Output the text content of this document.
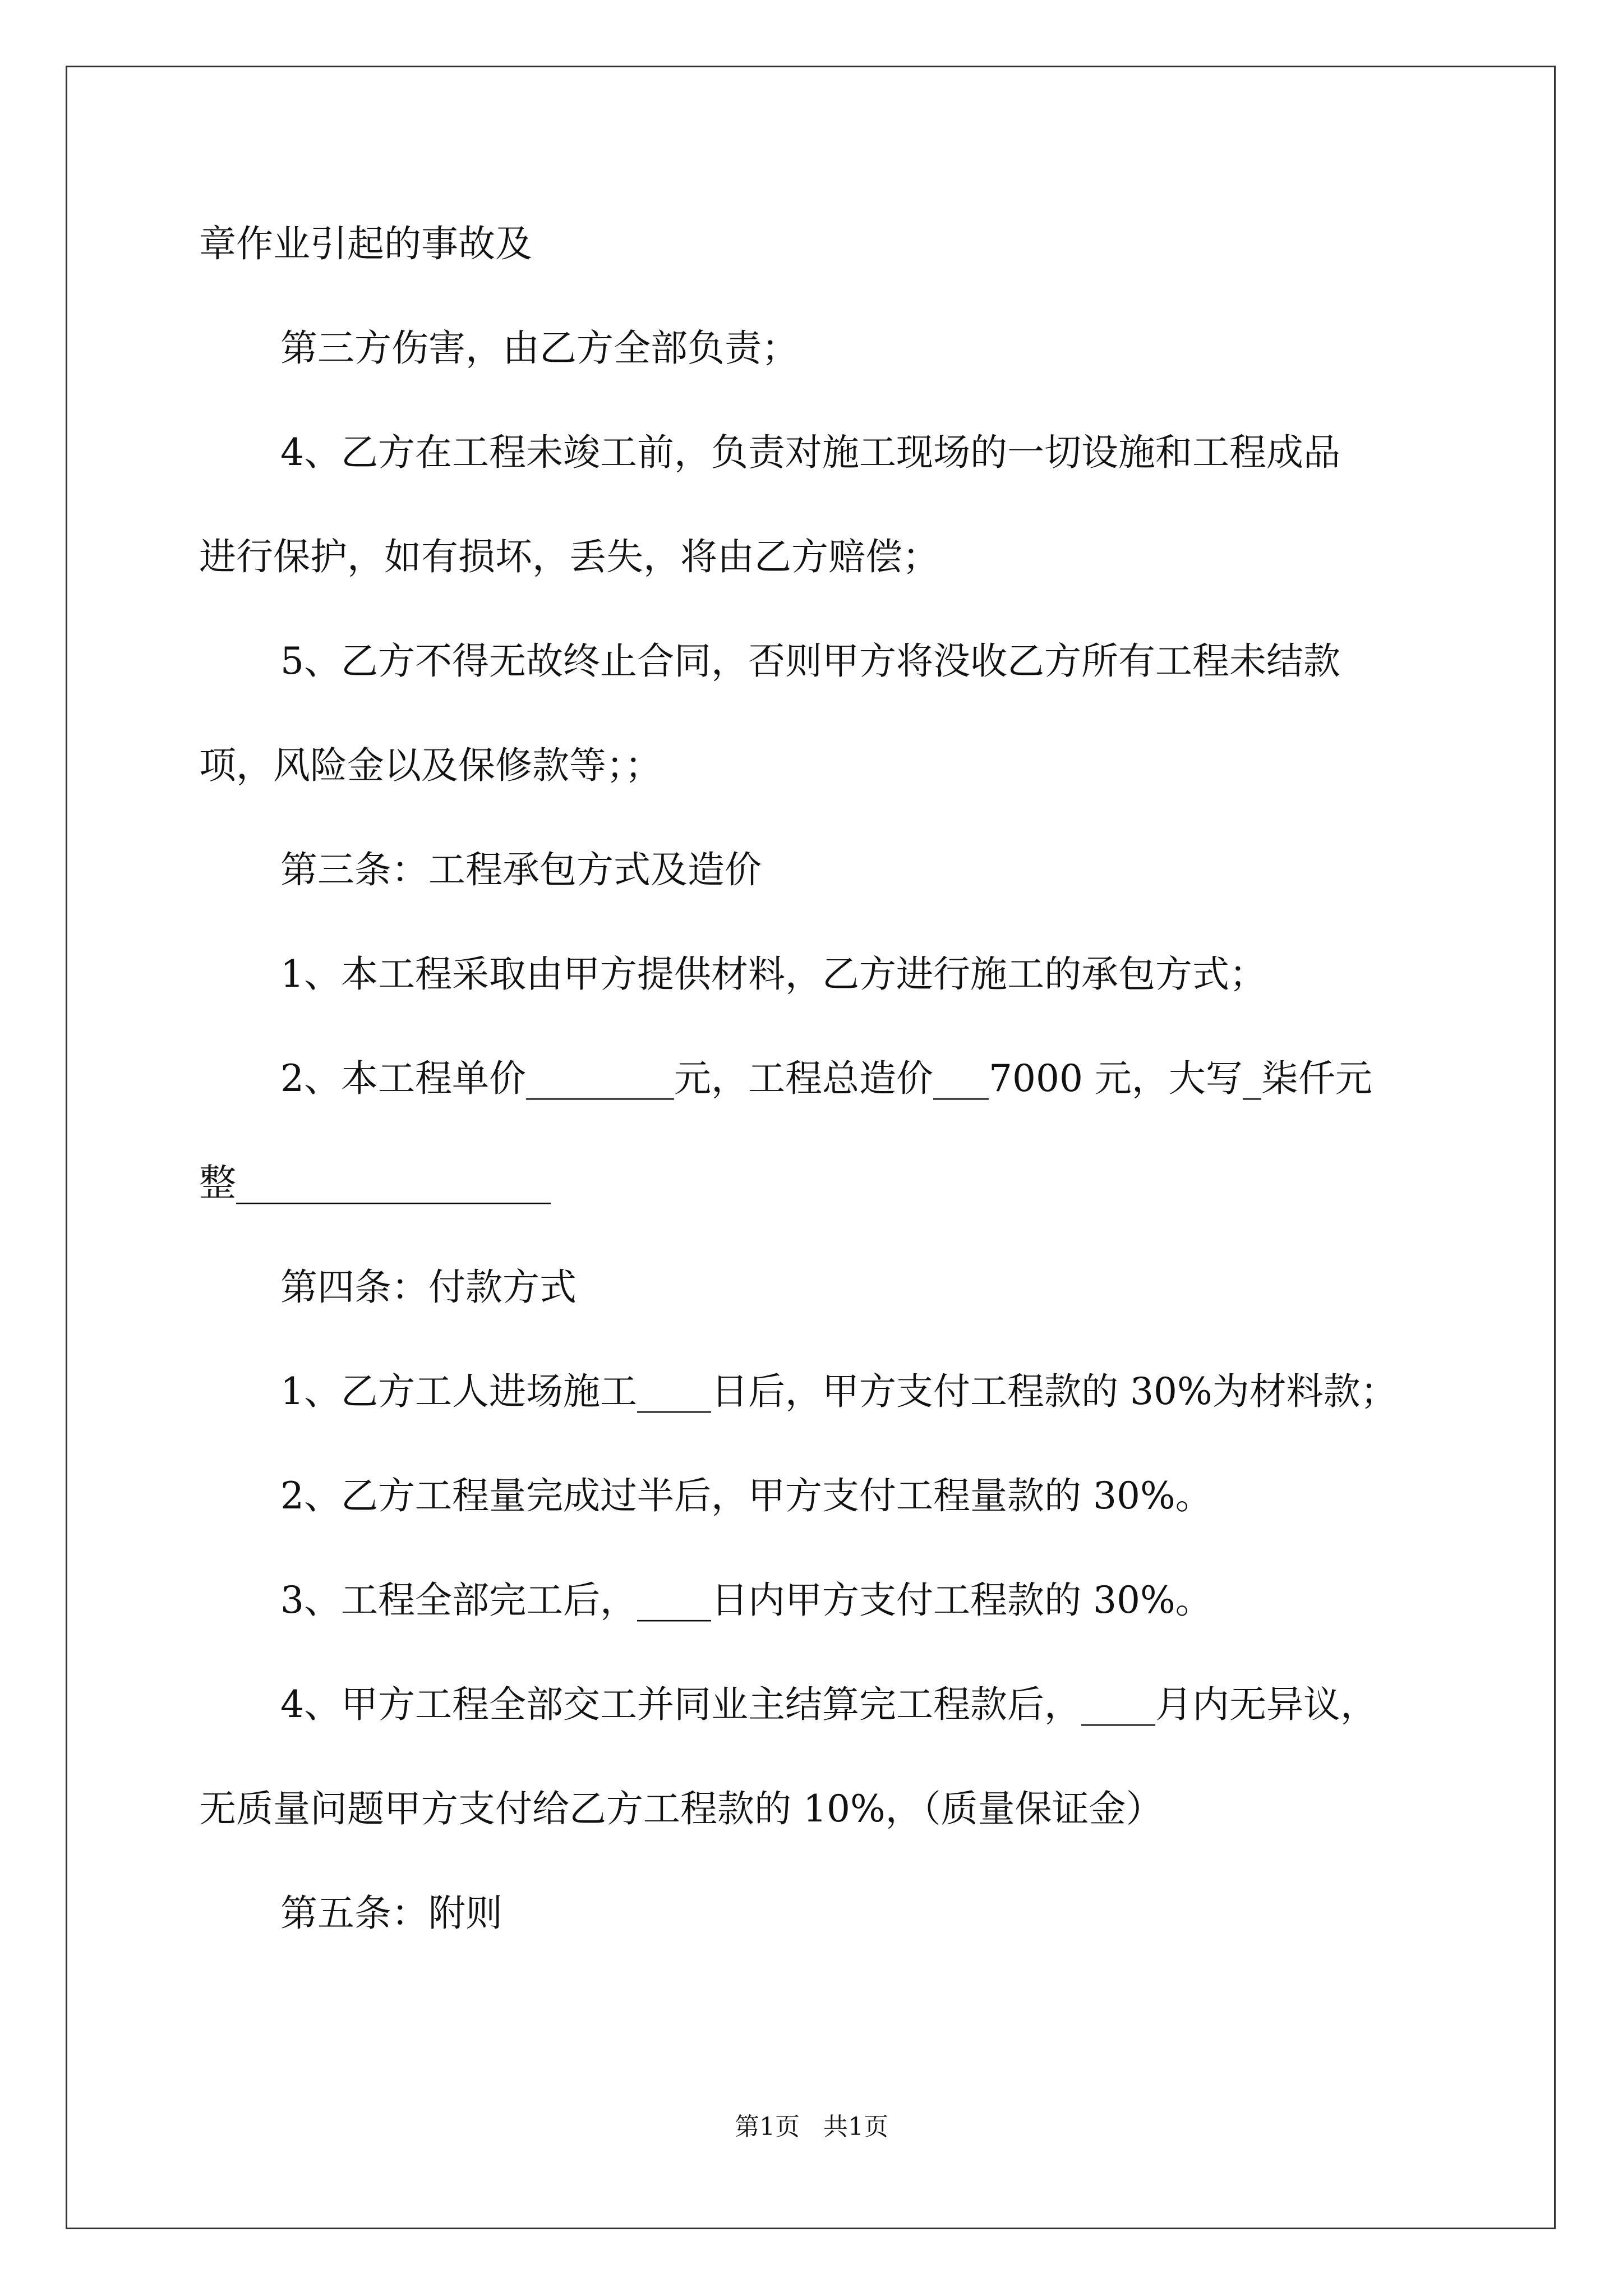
章作业引起的事故及
第三方伤害，由乙方全部负责；
4、乙方在工程未竣工前，负责对施工现场的一切设施和工程成品
进行保护，如有损坏，丢失，将由乙方赔偿；
5、乙方不得无故终止合同，否则甲方将没收乙方所有工程未结款
项，风险金以及保修款等；；
第三条：工程承包方式及造价
1、本工程采取由甲方提供材料，乙方进行施工的承包方式；
2、本工程单价________元，工程总造价___7000 元，大写_柒仟元
整_________________
第四条：付款方式
1、乙方工人进场施工____日后，甲方支付工程款的 30%为材料款；
2、乙方工程量完成过半后，甲方支付工程量款的 30%。
3、工程全部完工后，____日内甲方支付工程款的 30%。
4、甲方工程全部交工并同业主结算完工程款后，____月内无异议，
无质量问题甲方支付给乙方工程款的 10%，（质量保证金）
第五条：附则
第1页   共1页
